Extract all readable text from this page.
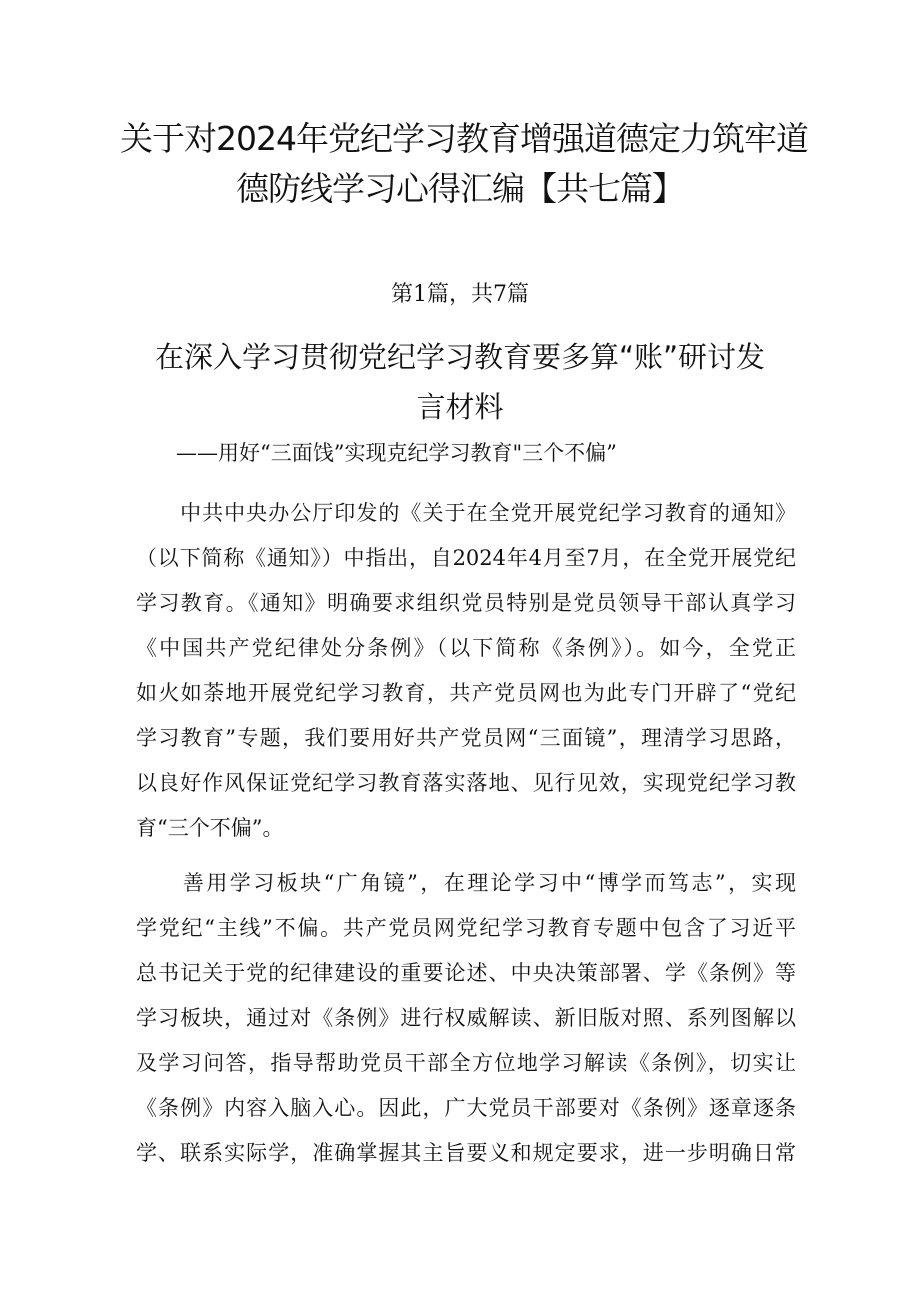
关于对2024年党纪学习教育增强道德定力筑牢道
德防线学习心得汇编【共七篇】
第1篇，共7篇
在深入学习贯彻党纪学习教育要多算“账”研讨发
言材料
——用好“三面饯”实现克纪学习教育"三个不偏”

　　中共中央办公厅印发的《关于在全党开展党纪学习教育的通知》
（以下简称《通知》）中指出，自2024年4月至7月，在全党开展党纪
学习教育。《通知》明确要求组织党员特别是党员领导干部认真学习
《中国共产党纪律处分条例》（以下简称《条例》）。如今，全党正
如火如荼地开展党纪学习教育，共产党员网也为此专门开辟了“党纪
学习教育”专题，我们要用好共产党员网“三面镜”，理清学习思路，
以良好作风保证党纪学习教育落实落地、见行见效，实现党纪学习教
育“三个不偏”。

　　善用学习板块“广角镜”，在理论学习中“博学而笃志”，实现
学党纪“主线”不偏。共产党员网党纪学习教育专题中包含了习近平
总书记关于党的纪律建设的重要论述、中央决策部署、学《条例》等
学习板块，通过对《条例》进行权威解读、新旧版对照、系列图解以
及学习问答，指导帮助党员干部全方位地学习解读《条例》，切实让
《条例》内容入脑入心。因此，广大党员干部要对《条例》逐章逐条
学、联系实际学，准确掌握其主旨要义和规定要求，进一步明确日常
